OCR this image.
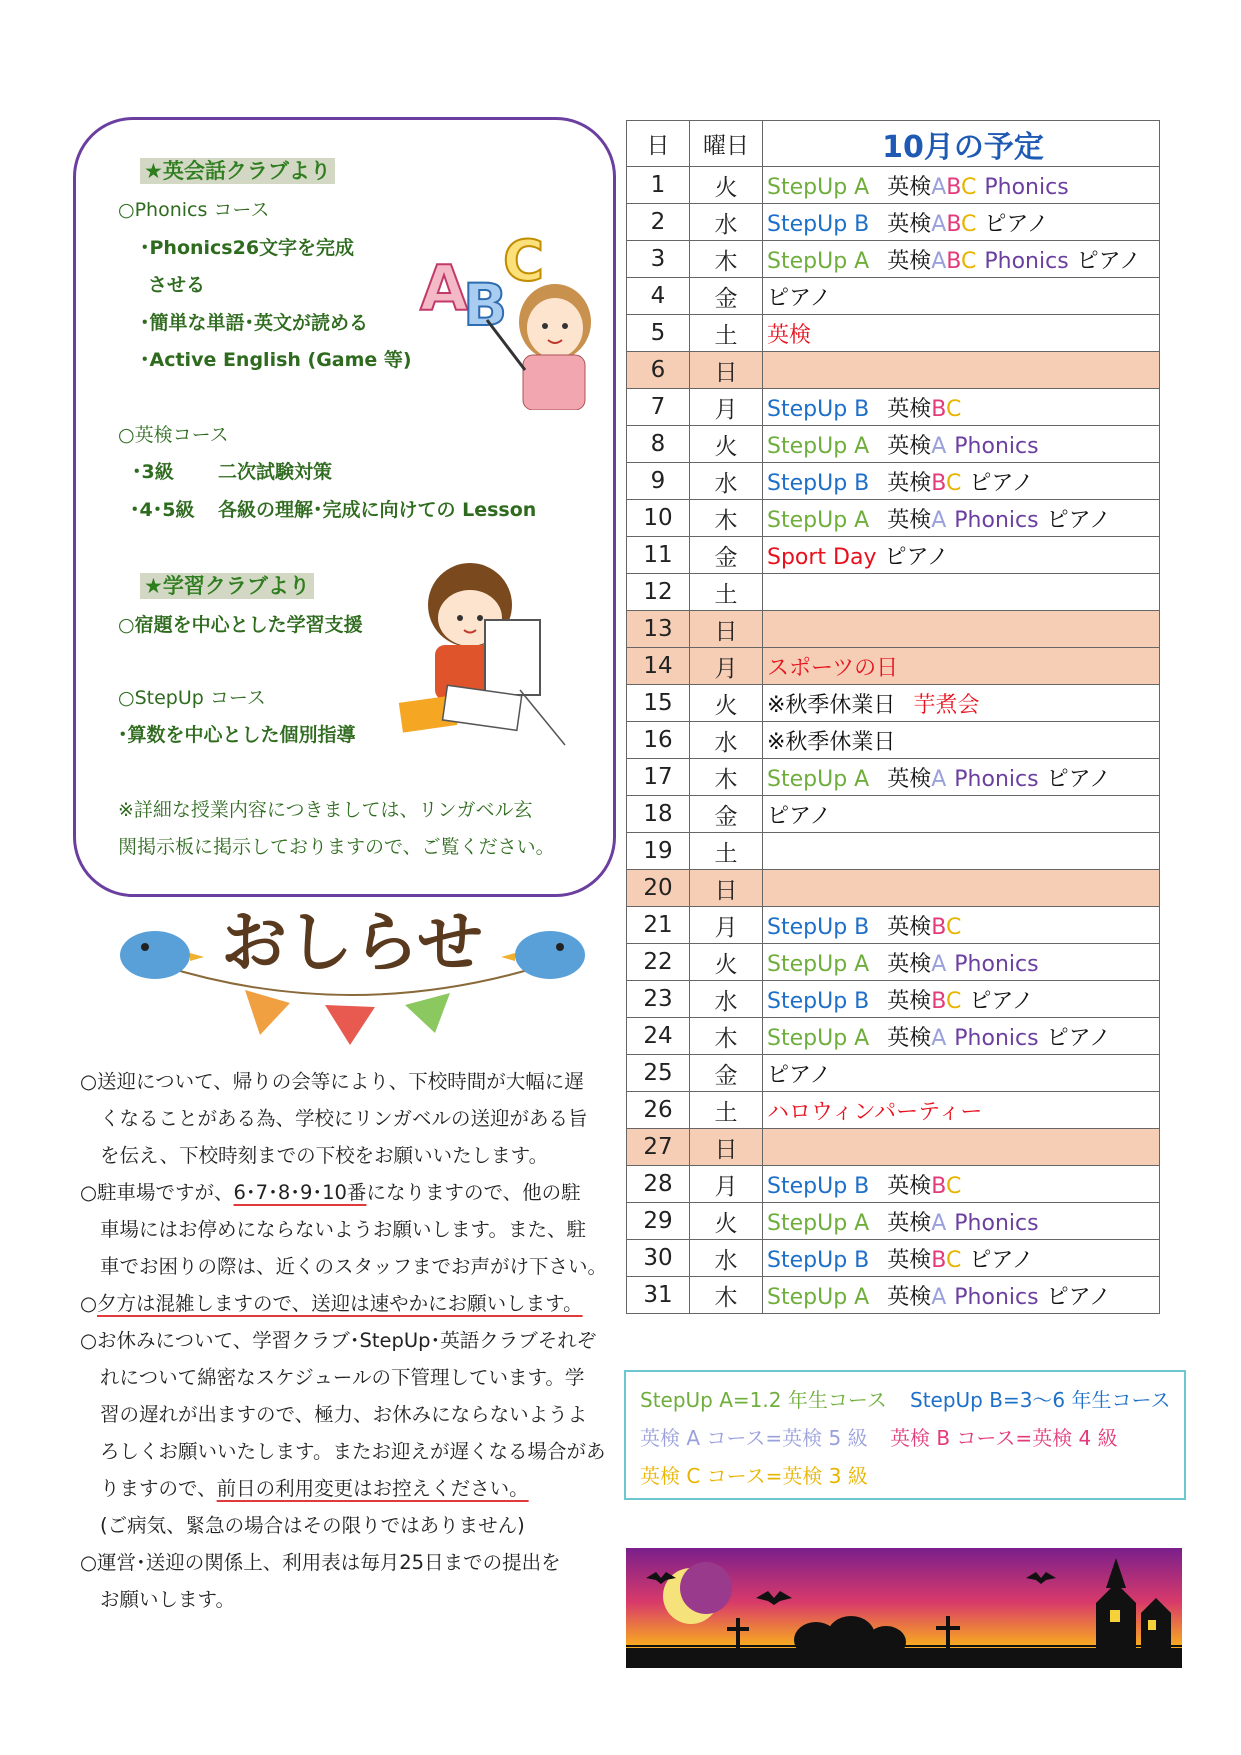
★英会話クラブより
○Phonics コース
･Phonics26文字を完成
させる
･簡単な単語･英文が読める
･Active English (Game 等)
A
B
C
○英検コース
･3級 二次試験対策
･4･5級 各級の理解･完成に向けての Lesson
★学習クラブより
○宿題を中心とした学習支援
○StepUp コース
･算数を中心とした個別指導
※詳細な授業内容につきましては、リンガベル玄
関掲示板に掲示しておりますので、ご覧ください。
おしらせ
○送迎について、帰りの会等により、下校時間が大幅に遅
くなることがある為、学校にリンガベルの送迎がある旨
を伝え、下校時刻までの下校をお願いいたします。
○駐車場ですが、6･7･8･9･10番になりますので、他の駐
車場にはお停めにならないようお願いします。また、駐
車でお困りの際は、近くのスタッフまでお声がけ下さい。
○夕方は混雑しますので、送迎は速やかにお願いします。
○お休みについて、学習クラブ･StepUp･英語クラブそれぞ
れについて綿密なスケジュールの下管理しています。学
習の遅れが出ますので、極力、お休みにならないようよ
ろしくお願いいたします。またお迎えが遅くなる場合があ
りますので、前日の利用変更はお控えください。
(ご病気、緊急の場合はその限りではありません)
○運営･送迎の関係上、利用表は毎月25日までの提出を
お願いします。
日	曜日	10月の予定
1	火	StepUp A 英検ABC Phonics
2	水	StepUp B 英検ABC ピアノ
3	木	StepUp A 英検ABC Phonics ピアノ
4	金	ピアノ
5	土	英検
6	日	
7	月	StepUp B 英検BC
8	火	StepUp A 英検A Phonics
9	水	StepUp B 英検BC ピアノ
10	木	StepUp A 英検A Phonics ピアノ
11	金	Sport Day ピアノ
12	土	
13	日	
14	月	スポーツの日
15	火	※秋季休業日 芋煮会
16	水	※秋季休業日
17	木	StepUp A 英検A Phonics ピアノ
18	金	ピアノ
19	土	
20	日	
21	月	StepUp B 英検BC
22	火	StepUp A 英検A Phonics
23	水	StepUp B 英検BC ピアノ
24	木	StepUp A 英検A Phonics ピアノ
25	金	ピアノ
26	土	ハロウィンパーティー
27	日	
28	月	StepUp B 英検BC
29	火	StepUp A 英検A Phonics
30	水	StepUp B 英検BC ピアノ
31	木	StepUp A 英検A Phonics ピアノ
StepUp A=1.2 年生コース StepUp B=3～6 年生コース
英検 A コース=英検 5 級 英検 B コース=英検 4 級
英検 C コース=英検 3 級
